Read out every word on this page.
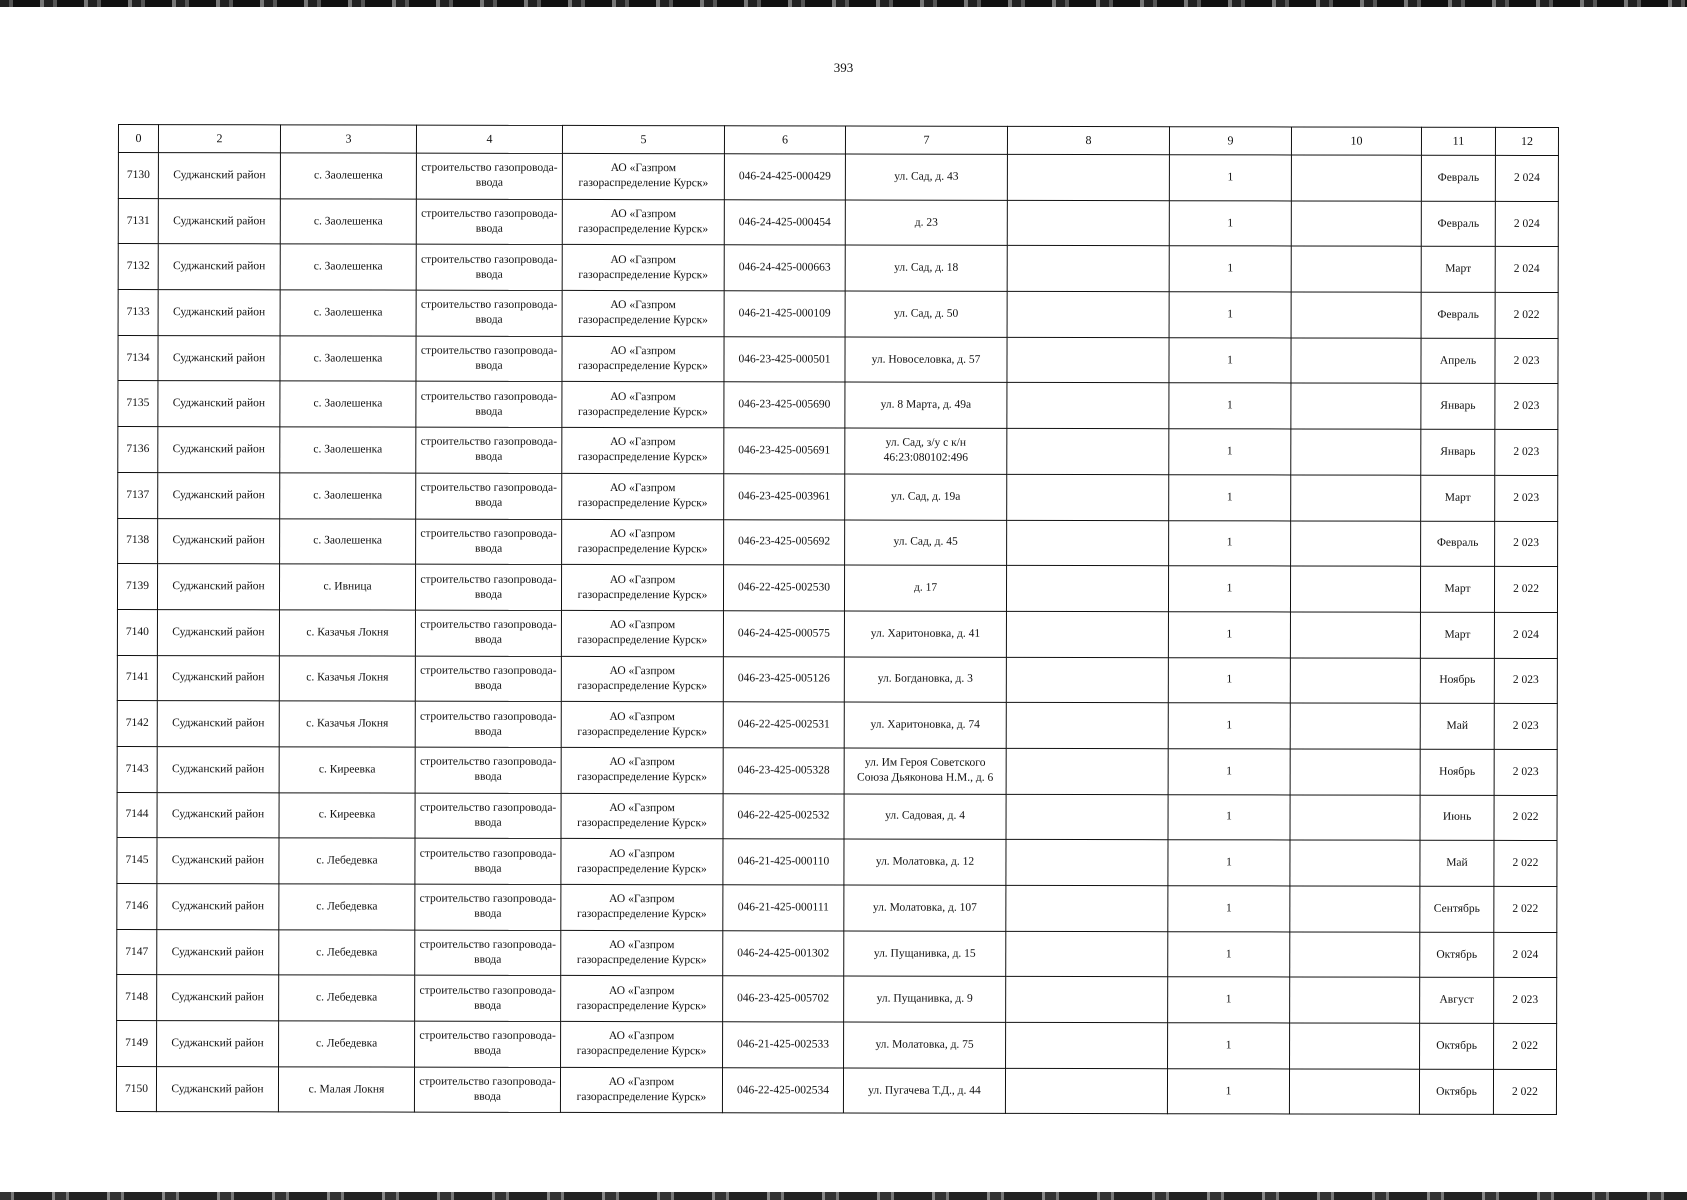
393
0	2	3	4	5	6	7	8	9	10	11	12
7130	Суджанский район	с. Заолешенка	строительство газопровода-ввода	АО «Газпром газораспределение Курск»	046-24-425-000429	ул. Сад, д. 43		1		Февраль	2 024
7131	Суджанский район	с. Заолешенка	строительство газопровода-ввода	АО «Газпром газораспределение Курск»	046-24-425-000454	д. 23		1		Февраль	2 024
7132	Суджанский район	с. Заолешенка	строительство газопровода-ввода	АО «Газпром газораспределение Курск»	046-24-425-000663	ул. Сад, д. 18		1		Март	2 024
7133	Суджанский район	с. Заолешенка	строительство газопровода-ввода	АО «Газпром газораспределение Курск»	046-21-425-000109	ул. Сад, д. 50		1		Февраль	2 022
7134	Суджанский район	с. Заолешенка	строительство газопровода-ввода	АО «Газпром газораспределение Курск»	046-23-425-000501	ул. Новоселовка, д. 57		1		Апрель	2 023
7135	Суджанский район	с. Заолешенка	строительство газопровода-ввода	АО «Газпром газораспределение Курск»	046-23-425-005690	ул. 8 Марта, д. 49а		1		Январь	2 023
7136	Суджанский район	с. Заолешенка	строительство газопровода-ввода	АО «Газпром газораспределение Курск»	046-23-425-005691	ул. Сад, з/у с к/н 46:23:080102:496		1		Январь	2 023
7137	Суджанский район	с. Заолешенка	строительство газопровода-ввода	АО «Газпром газораспределение Курск»	046-23-425-003961	ул. Сад, д. 19а		1		Март	2 023
7138	Суджанский район	с. Заолешенка	строительство газопровода-ввода	АО «Газпром газораспределение Курск»	046-23-425-005692	ул. Сад, д. 45		1		Февраль	2 023
7139	Суджанский район	с. Ивница	строительство газопровода-ввода	АО «Газпром газораспределение Курск»	046-22-425-002530	д. 17		1		Март	2 022
7140	Суджанский район	с. Казачья Локня	строительство газопровода-ввода	АО «Газпром газораспределение Курск»	046-24-425-000575	ул. Харитоновка, д. 41		1		Март	2 024
7141	Суджанский район	с. Казачья Локня	строительство газопровода-ввода	АО «Газпром газораспределение Курск»	046-23-425-005126	ул. Богдановка, д. 3		1		Ноябрь	2 023
7142	Суджанский район	с. Казачья Локня	строительство газопровода-ввода	АО «Газпром газораспределение Курск»	046-22-425-002531	ул. Харитоновка, д. 74		1		Май	2 023
7143	Суджанский район	с. Киреевка	строительство газопровода-ввода	АО «Газпром газораспределение Курск»	046-23-425-005328	ул. Им Героя Советского Союза Дьяконова Н.М., д. 6		1		Ноябрь	2 023
7144	Суджанский район	с. Киреевка	строительство газопровода-ввода	АО «Газпром газораспределение Курск»	046-22-425-002532	ул. Садовая, д. 4		1		Июнь	2 022
7145	Суджанский район	с. Лебедевка	строительство газопровода-ввода	АО «Газпром газораспределение Курск»	046-21-425-000110	ул. Молатовка, д. 12		1		Май	2 022
7146	Суджанский район	с. Лебедевка	строительство газопровода-ввода	АО «Газпром газораспределение Курск»	046-21-425-000111	ул. Молатовка, д. 107		1		Сентябрь	2 022
7147	Суджанский район	с. Лебедевка	строительство газопровода-ввода	АО «Газпром газораспределение Курск»	046-24-425-001302	ул. Пущанивка, д. 15		1		Октябрь	2 024
7148	Суджанский район	с. Лебедевка	строительство газопровода-ввода	АО «Газпром газораспределение Курск»	046-23-425-005702	ул. Пущанивка, д. 9		1		Август	2 023
7149	Суджанский район	с. Лебедевка	строительство газопровода-ввода	АО «Газпром газораспределение Курск»	046-21-425-002533	ул. Молатовка, д. 75		1		Октябрь	2 022
7150	Суджанский район	с. Малая Локня	строительство газопровода-ввода	АО «Газпром газораспределение Курск»	046-22-425-002534	ул. Пугачева Т.Д., д. 44		1		Октябрь	2 022
